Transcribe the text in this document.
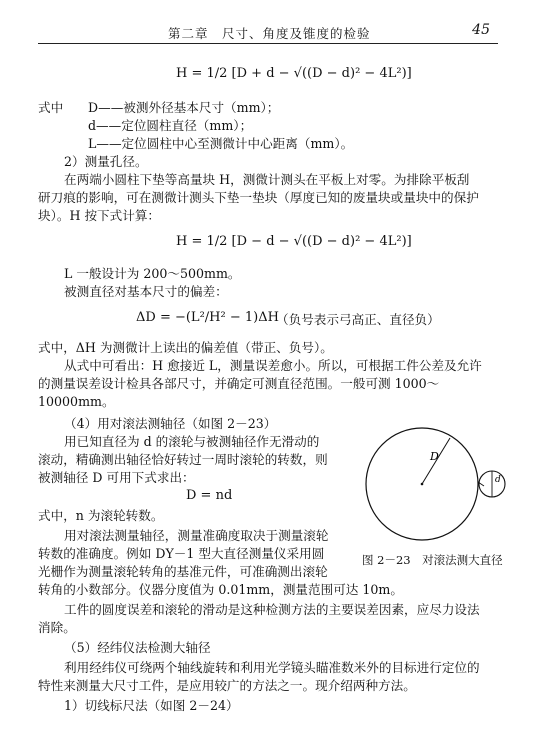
第二章　尺寸、角度及锥度的检验	45
H = 1/2 [D + d − √((D − d)² − 4L²)]
式中 D——被测外径基本尺寸（mm）；
d——定位圆柱直径（mm）；
L——定位圆柱中心至测微计中心距离（mm）。
2）测量孔径。
在两端小圆柱下垫等高量块 H，测微计测头在平板上对零。为排除平板刮
研刀痕的影响，可在测微计测头下垫一垫块（厚度已知的废量块或量块中的保护
块）。H 按下式计算：
H = 1/2 [D − d − √((D − d)² − 4L²)]
L 一般设计为 200～500mm。
被测直径对基本尺寸的偏差：
ΔD = −(L²/H² − 1)ΔH
（负号表示弓高正、直径负）
式中，ΔH 为测微计上读出的偏差值（带正、负号）。
从式中可看出：H 愈接近 L，测量误差愈小。所以，可根据工件公差及允许
的测量误差设计检具各部尺寸，并确定可测直径范围。一般可测 1000～
10000mm。
（4）用对滚法测轴径（如图 2－23）
用已知直径为 d 的滚轮与被测轴径作无滑动的
滚动，精确测出轴径恰好转过一周时滚轮的转数，则
被测轴径 D 可用下式求出：
D = nd
式中，n 为滚轮转数。
用对滚法测量轴径，测量准确度取决于测量滚轮
转数的准确度。例如 DY－1 型大直径测量仪采用圆
光栅作为测量滚轮转角的基准元件，可准确测出滚轮
转角的小数部分。仪器分度值为 0.01mm，测量范围可达 10m。
工件的圆度误差和滚轮的滑动是这种检测方法的主要误差因素，应尽力设法
消除。
D
d
图 2－23　对滚法测大直径
（5）经纬仪法检测大轴径
利用经纬仪可绕两个轴线旋转和利用光学镜头瞄准数米外的目标进行定位的
特性来测量大尺寸工件，是应用较广的方法之一。现介绍两种方法。
1）切线标尺法（如图 2－24）
